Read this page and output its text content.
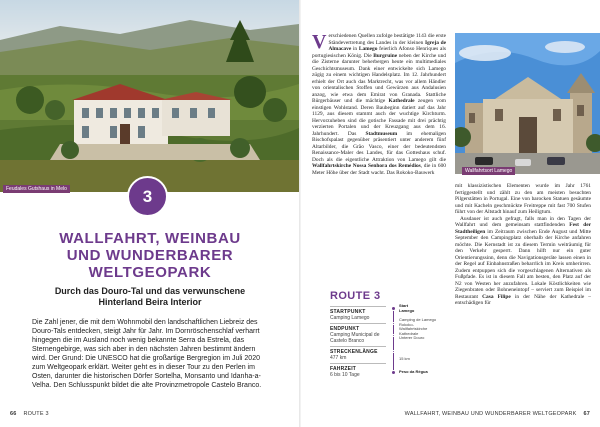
Feudales Gutshaus in Melo	3
WALLFAHRT, WEINBAU
UND WUNDERBARER
WELTGEOPARK
Durch das Douro-Tal und das verwunschene
Hinterland Beira Interior
Die Zahl jener, die mit dem Wohnmobil den landschaftlichen Liebreiz des Douro-Tals entdecken, steigt Jahr für Jahr. Im Dornröschenschlaf verharrt hingegen die im Ausland noch wenig bekannte Serra da Estrela, das Sternengebirge, was sich aber in den nächsten Jahren bestimmt ändern wird. Der Grund: Die UNESCO hat die großartige Bergregion im Juli 2020 zum Weltgeopark erklärt. Weiter geht es in dieser Tour zu den Perlen im Osten, darunter die historischen Dörfer Sortelha, Monsanto und Idanha-a-Velha. Den Schlusspunkt bildet die alte Provinzmetropole Castelo Branco.
66 ROUTE 3
Verschiedenen Quellen zufolge bestätigte 1143 die erste Ständevertretung des Landes in der kleinen Igreja de Almacave in Lamego feierlich Afonso Henriques als portugiesischen König. Die Burgruine neben der Kirche und die Zisterne darunter beherbergen heute ein multimediales Geschichtsmuseum. Dank einer entwickelte sich Lamego zügig zu einem wichtigen Handelsplatz. Im 12. Jahrhundert erhielt der Ort auch das Marktrecht, was vor allem Händler von orientalischen Stoffen und Gewürzen aus Andalusien anzog, wie etwa dem Emirat von Granada. Stattliche Bürgerbäuser und die mächtige Kathedrale zeugen vom einstigen Wohlstand. Deren Baubeginn datiert auf das Jahr 1129, aus diesem stammt auch der wuchtige Kirchturm. Hervorzuheben sind die gotische Fassade mit drei prächtig verzierten Portalen und der Kreuzgang aus dem 16. Jahrhundert. Das Stadtmuseum im ehemaligen Bischofspalast gegenüber präsentiert unter anderem fünf Altarbilder, die Grão Vasco, einer der bedeutendsten Renaissance-Maler des Landes, für das Gotteshaus schuf. Doch als die eigentliche Attraktion von Lamego gilt die Wallfahrtskirche Nossa Senhora dos Remédios, die in 600 Meter Höhe über der Stadt wacht. Das Rokoko-Bauwerk	Wallfahrtsort Lamego

mit klassizistischen Elementen wurde im Jahr 1761 fertiggestellt und zählt zu den am meisten besuchten Pilgerstätten in Portugal. Eine von barocken Statuen gesäumte und mit Kacheln geschmückte Freitreppe mit fast 700 Stufen führt von der Altstadt hinauf zum Heiligtum.

Ausdauer ist auch gefragt, falls man in den Tagen der Wallfahrt und dem gemeinsam stattfindenden Fest der Stadtheiligen im Zeitraum zwischen Ende August und Mitte September den Campingplatz oberhalb der Kirche anfahren möchte. Die Kernstadt ist zu diesem Termin weiträumig für den Verkehr gesperrt. Dann hilft nur ein guter Orientierungssinn, denn die Navigationsgeräte lassen einen in der Regel auf Einbahnstraßen beharrlich im Kreis umherirren. Zudem entpuppen sich die vorgeschlagenen Alternativen als Fußpfade. Es ist in diesem Fall am besten, den Platz auf der N2 von Westen her anzufahren. Lokale Köstlichkeiten wie Ziegenbraten oder Bohneneintopf – serviert zum Beispiel im Restaurant Casa Filipe in der Nähe der Kathedrale – entschädigen für

ROUTE 3
STARTPUNKT
Camping Lamego
ENDPUNKT
Camping Municipal de Castelo Branco
STRECKENLÄNGE
477 km
FAHRZEIT
6 bis 10 Tage
Start
Lamego
Camping de Lamego
Rokoko-
Wallfahrtskirche
Kathedrale
Unterer Douro
15 km
Peso da Régua
WALLFAHRT, WEINBAU UND WUNDERBARER WELTGEOPARK 67
